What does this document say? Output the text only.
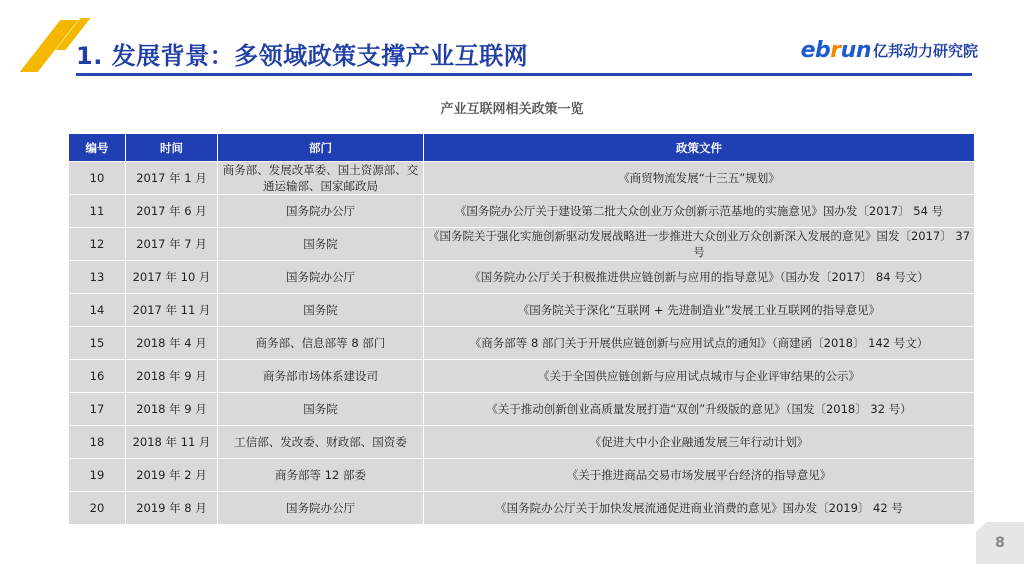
1. 发展背景：多领域政策支撑产业互联网	ebrun 亿邦动力研究院
产业互联网相关政策一览
编号	时间	部门	政策文件
10	2017 年 1 月	商务部、发展改革委、国土资源部、交通运输部、国家邮政局	《商贸物流发展“十三五”规划》
11	2017 年 6 月	国务院办公厅	《国务院办公厅关于建设第二批大众创业万众创新示范基地的实施意见》国办发〔2017〕 54 号
12	2017 年 7 月	国务院	《国务院关于强化实施创新驱动发展战略进一步推进大众创业万众创新深入发展的意见》国发〔2017〕 37 号
13	2017 年 10 月	国务院办公厅	《国务院办公厅关于积极推进供应链创新与应用的指导意见》（国办发〔2017〕 84 号文）
14	2017 年 11 月	国务院	《国务院关于深化“互联网 + 先进制造业”发展工业互联网的指导意见》
15	2018 年 4 月	商务部、信息部等 8 部门	《商务部等 8 部门关于开展供应链创新与应用试点的通知》（商建函〔2018〕 142 号文）
16	2018 年 9 月	商务部市场体系建设司	《关于全国供应链创新与应用试点城市与企业评审结果的公示》
17	2018 年 9 月	国务院	《关于推动创新创业高质量发展打造“双创”升级版的意见》（国发〔2018〕 32 号）
18	2018 年 11 月	工信部、发改委、财政部、国资委	《促进大中小企业融通发展三年行动计划》
19	2019 年 2 月	商务部等 12 部委	《关于推进商品交易市场发展平台经济的指导意见》
20	2019 年 8 月	国务院办公厅	《国务院办公厅关于加快发展流通促进商业消费的意见》国办发〔2019〕 42 号
8
